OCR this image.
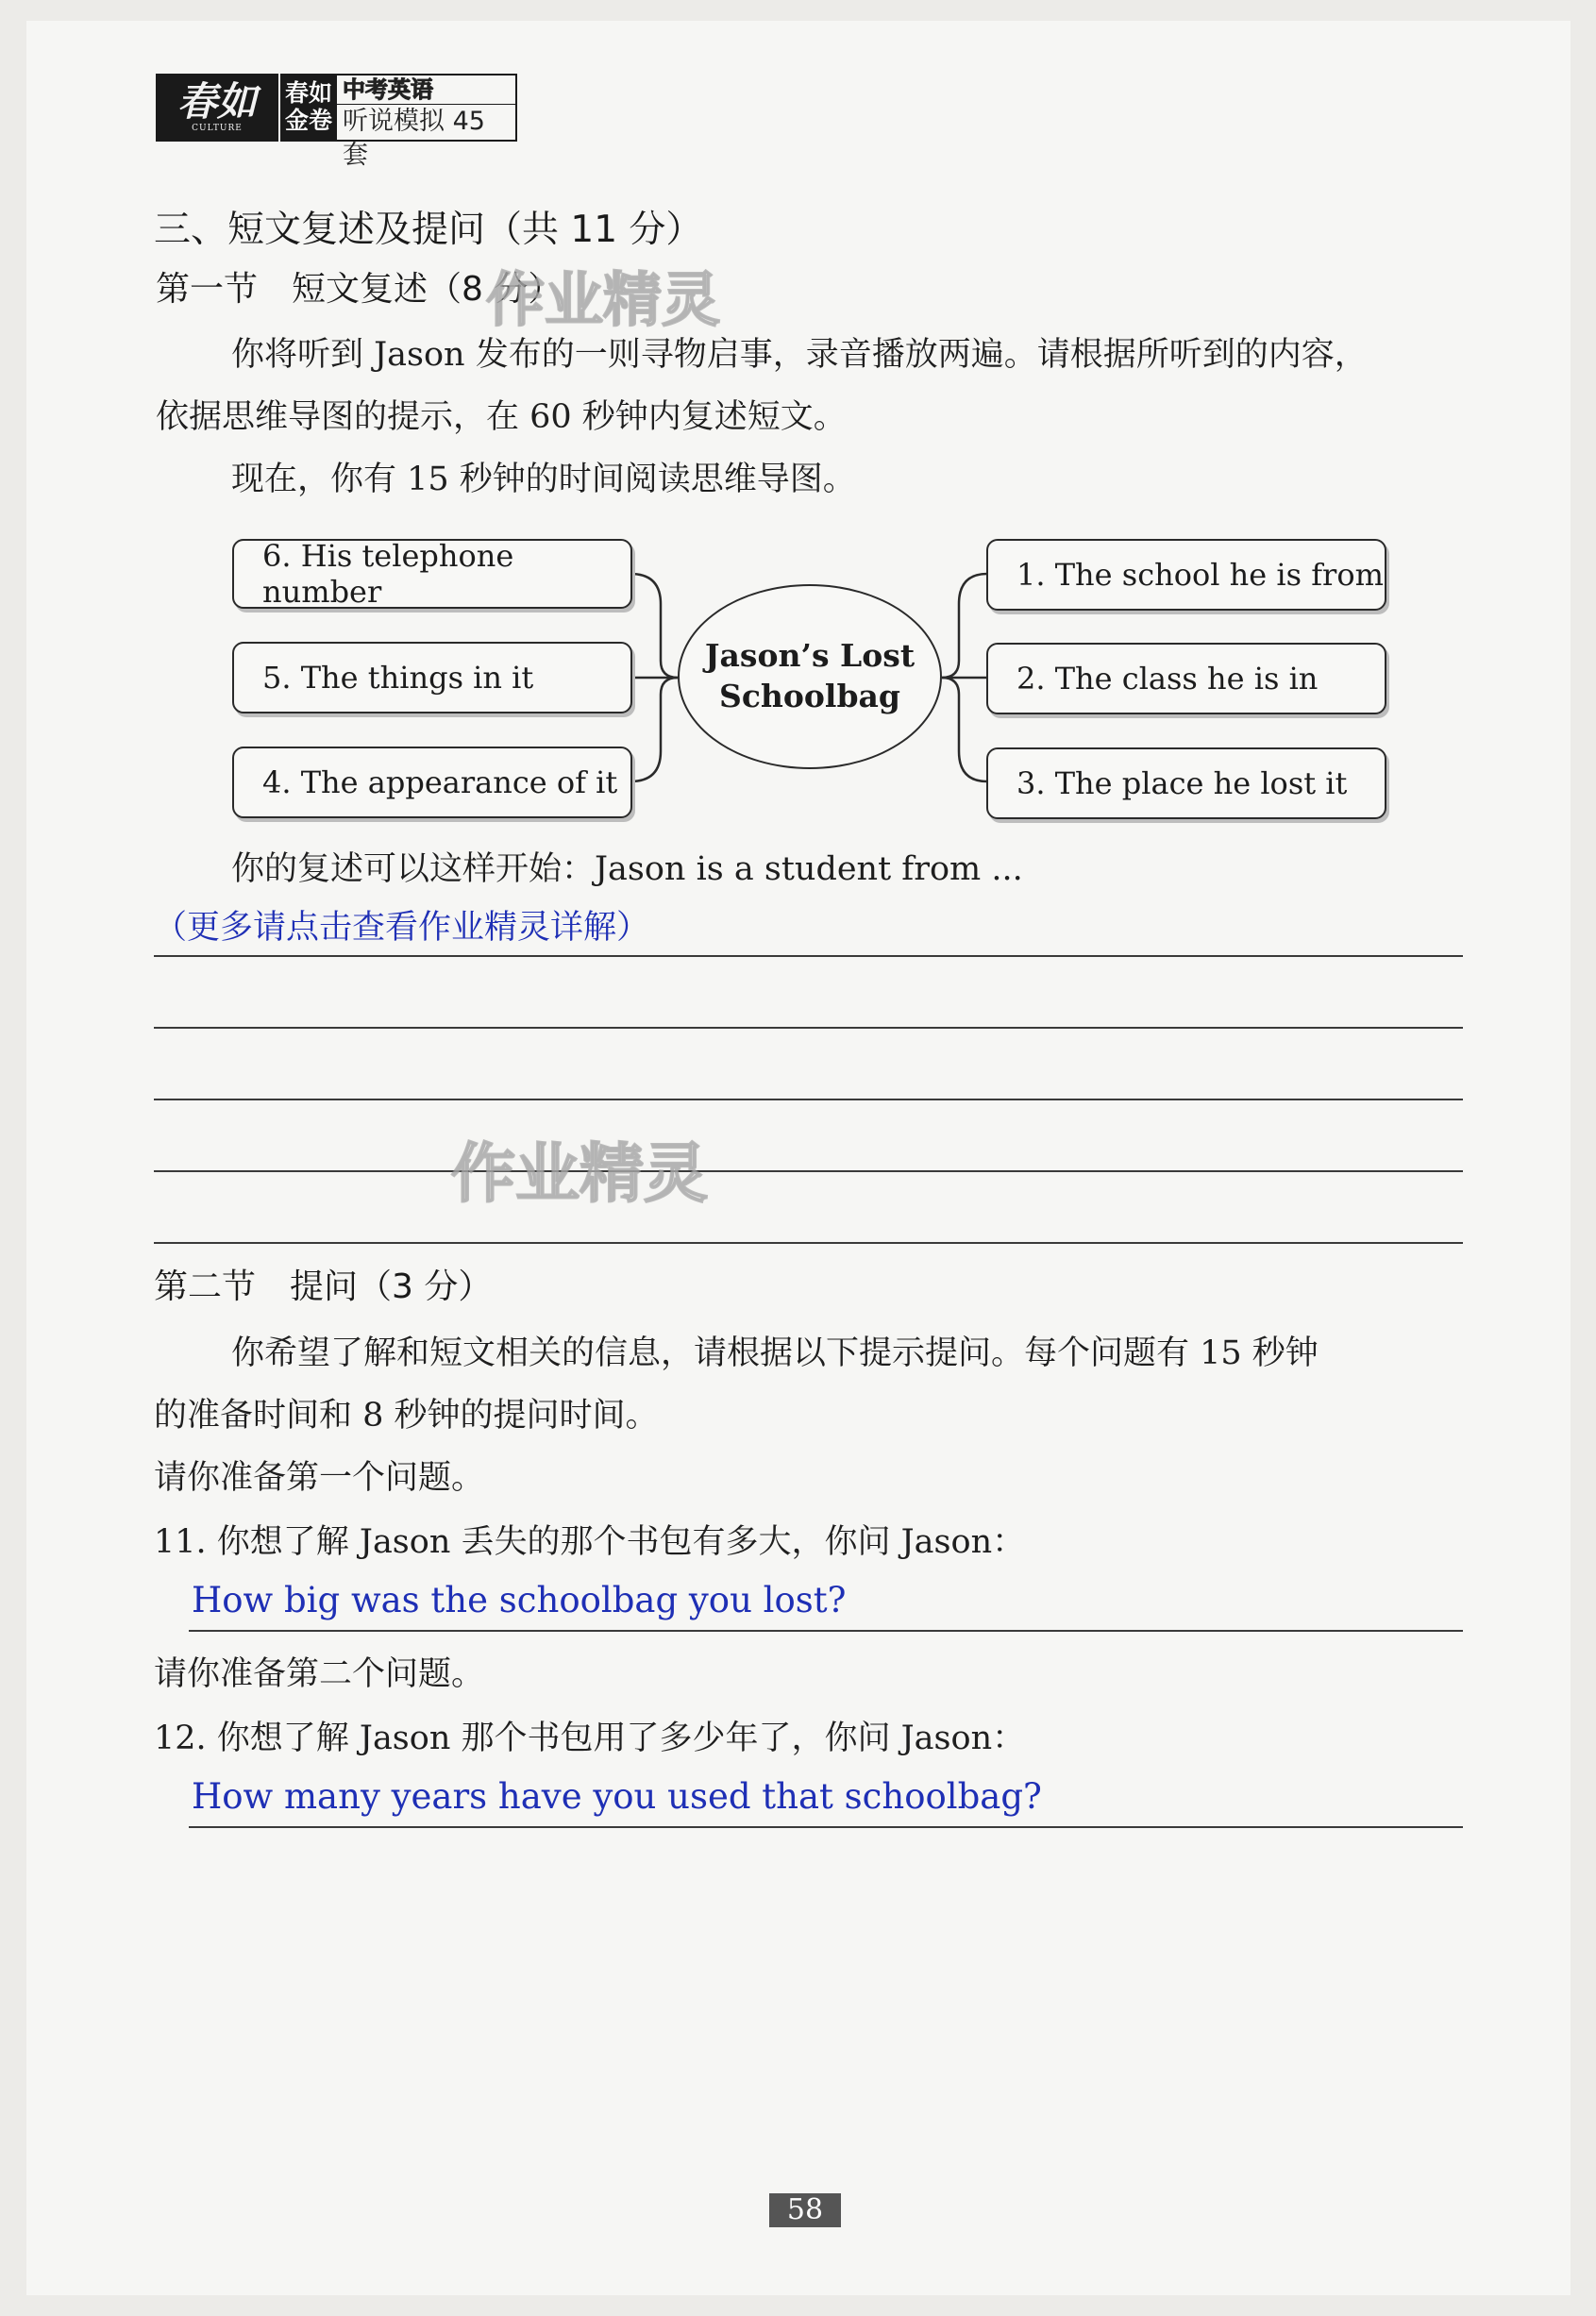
春如
CULTURE
春如
金卷
中考英语
听说模拟 45 套
三、短文复述及提问（共 11 分）
第一节　短文复述（8 分）
你将听到 Jason 发布的一则寻物启事，录音播放两遍。请根据所听到的内容，
依据思维导图的提示，在 60 秒钟内复述短文。
现在，你有 15 秒钟的时间阅读思维导图。
6. His telephone number
5. The things in it
4. The appearance of it
Jason’s Lost
Schoolbag
1. The school he is from
2. The class he is in
3. The place he lost it
你的复述可以这样开始：Jason is a student from ...
（更多请点击查看作业精灵详解）
作业精灵
作业精灵
第二节　提问（3 分）
你希望了解和短文相关的信息，请根据以下提示提问。每个问题有 15 秒钟
的准备时间和 8 秒钟的提问时间。
请你准备第一个问题。
11. 你想了解 Jason 丢失的那个书包有多大，你问 Jason：
How big was the schoolbag you lost?
请你准备第二个问题。
12. 你想了解 Jason 那个书包用了多少年了，你问 Jason：
How many years have you used that schoolbag?
58
